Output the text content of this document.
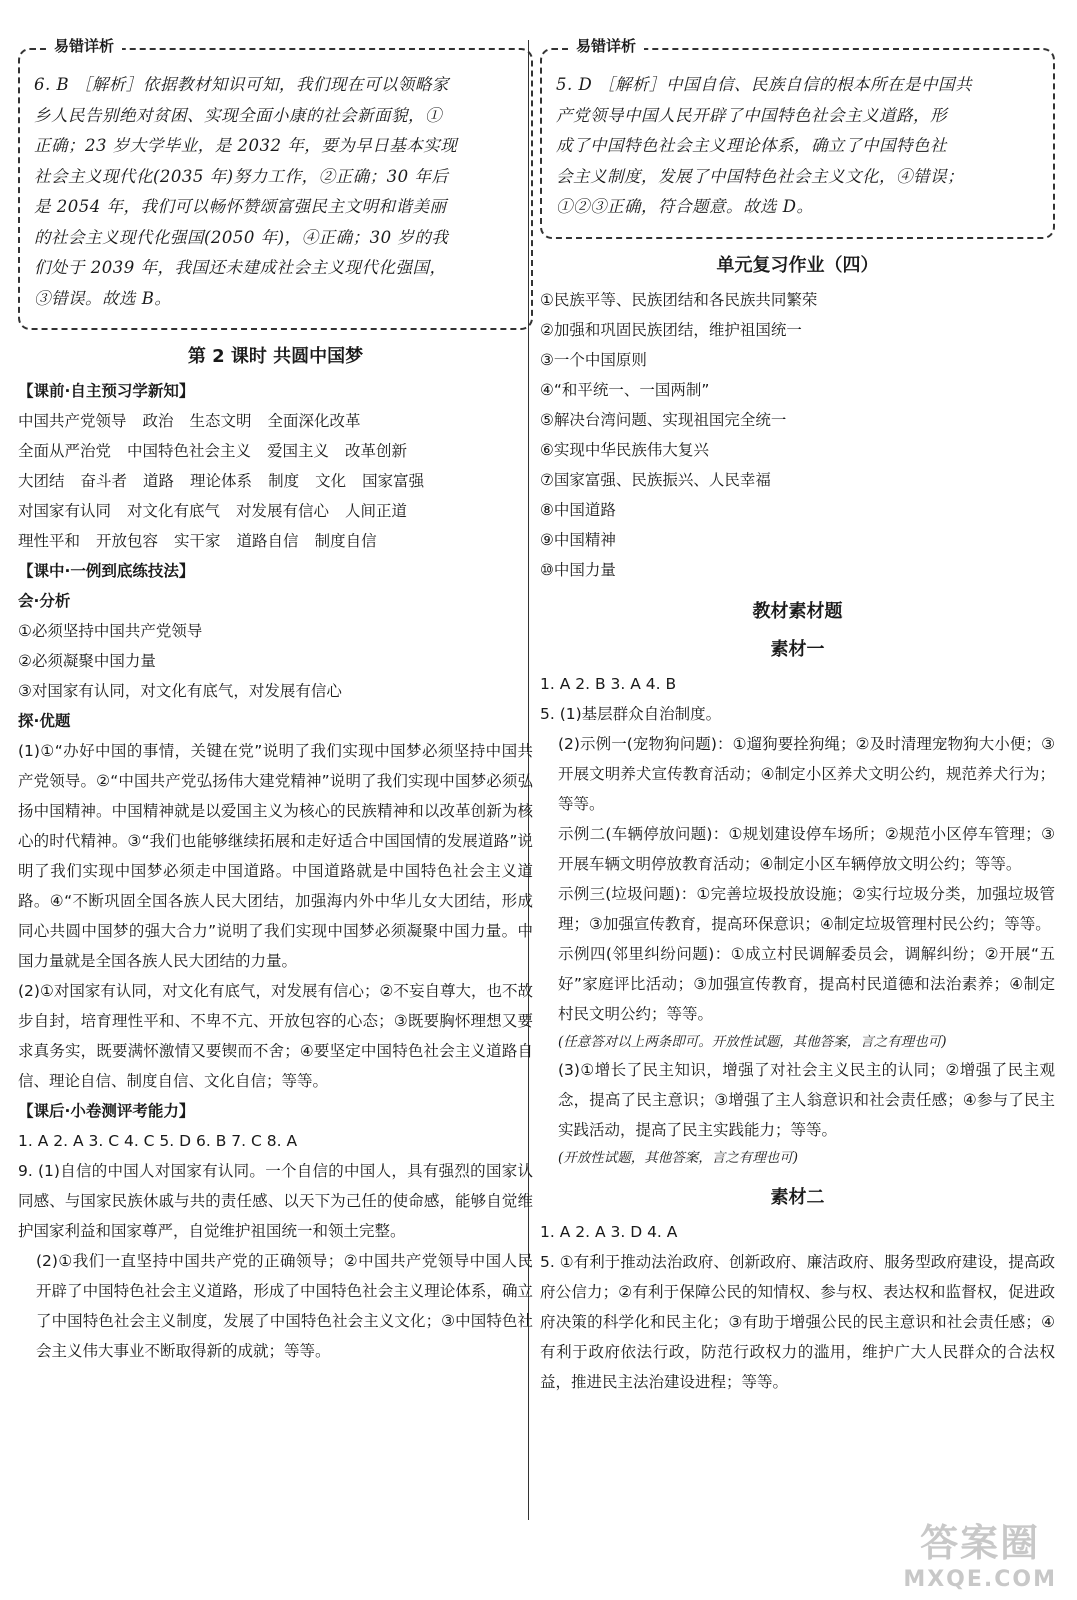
易错详析
6. B ［解析］依据教材知识可知，我们现在可以领略家
乡人民告别绝对贫困、实现全面小康的社会新面貌，①
正确；23 岁大学毕业，是 2032 年，要为早日基本实现
社会主义现代化(2035 年)努力工作，②正确；30 年后
是 2054 年，我们可以畅怀赞颂富强民主文明和谐美丽
的社会主义现代化强国(2050 年)，④正确；30 岁的我
们处于 2039 年，我国还未建成社会主义现代化强国，
③错误。故选 B。
第 2 课时 共圆中国梦
【课前·自主预习学新知】
中国共产党领导 政治 生态文明 全面深化改革
全面从严治党 中国特色社会主义 爱国主义 改革创新
大团结 奋斗者 道路 理论体系 制度 文化 国家富强
对国家有认同 对文化有底气 对发展有信心 人间正道
理性平和 开放包容 实干家 道路自信 制度自信
【课中·一例到底练技法】
会·分析
①必须坚持中国共产党领导
②必须凝聚中国力量
③对国家有认同，对文化有底气，对发展有信心
探·优题
(1)①“办好中国的事情，关键在党”说明了我们实现中国梦必须坚持中国共产党领导。②“中国共产党弘扬伟大建党精神”说明了我们实现中国梦必须弘扬中国精神。中国精神就是以爱国主义为核心的民族精神和以改革创新为核心的时代精神。③“我们也能够继续拓展和走好适合中国国情的发展道路”说明了我们实现中国梦必须走中国道路。中国道路就是中国特色社会主义道路。④“不断巩固全国各族人民大团结，加强海内外中华儿女大团结，形成同心共圆中国梦的强大合力”说明了我们实现中国梦必须凝聚中国力量。中国力量就是全国各族人民大团结的力量。
(2)①对国家有认同，对文化有底气，对发展有信心；②不妄自尊大，也不故步自封，培育理性平和、不卑不亢、开放包容的心态；③既要胸怀理想又要求真务实，既要满怀激情又要锲而不舍；④要坚定中国特色社会主义道路自信、理论自信、制度自信、文化自信；等等。
【课后·小卷测评考能力】
1. A 2. A 3. C 4. C 5. D 6. B 7. C 8. A
9. (1)自信的中国人对国家有认同。一个自信的中国人，具有强烈的国家认同感、与国家民族休戚与共的责任感、以天下为己任的使命感，能够自觉维护国家利益和国家尊严，自觉维护祖国统一和领土完整。
(2)①我们一直坚持中国共产党的正确领导；②中国共产党领导中国人民开辟了中国特色社会主义道路，形成了中国特色社会主义理论体系，确立了中国特色社会主义制度，发展了中国特色社会主义文化；③中国特色社会主义伟大事业不断取得新的成就；等等。
易错详析
5. D ［解析］中国自信、民族自信的根本所在是中国共
产党领导中国人民开辟了中国特色社会主义道路，形
成了中国特色社会主义理论体系，确立了中国特色社
会主义制度，发展了中国特色社会主义文化，④错误；
①②③正确，符合题意。故选 D。
单元复习作业（四）
①民族平等、民族团结和各民族共同繁荣
②加强和巩固民族团结，维护祖国统一
③一个中国原则
④“和平统一、一国两制”
⑤解决台湾问题、实现祖国完全统一
⑥实现中华民族伟大复兴
⑦国家富强、民族振兴、人民幸福
⑧中国道路
⑨中国精神
⑩中国力量
教材素材题
素材一
1. A 2. B 3. A 4. B
5. (1)基层群众自治制度。
(2)示例一(宠物狗问题)：①遛狗要拴狗绳；②及时清理宠物狗大小便；③开展文明养犬宣传教育活动；④制定小区养犬文明公约，规范养犬行为；等等。
示例二(车辆停放问题)：①规划建设停车场所；②规范小区停车管理；③开展车辆文明停放教育活动；④制定小区车辆停放文明公约；等等。
示例三(垃圾问题)：①完善垃圾投放设施；②实行垃圾分类，加强垃圾管理；③加强宣传教育，提高环保意识；④制定垃圾管理村民公约；等等。
示例四(邻里纠纷问题)：①成立村民调解委员会，调解纠纷；②开展“五好”家庭评比活动；③加强宣传教育，提高村民道德和法治素养；④制定村民文明公约；等等。
(任意答对以上两条即可。开放性试题，其他答案，言之有理也可)
(3)①增长了民主知识，增强了对社会主义民主的认同；②增强了民主观念，提高了民主意识；③增强了主人翁意识和社会责任感；④参与了民主实践活动，提高了民主实践能力；等等。
(开放性试题，其他答案，言之有理也可)
素材二
1. A 2. A 3. D 4. A
5. ①有利于推动法治政府、创新政府、廉洁政府、服务型政府建设，提高政府公信力；②有利于保障公民的知情权、参与权、表达权和监督权，促进政府决策的科学化和民主化；③有助于增强公民的民主意识和社会责任感；④有利于政府依法行政，防范行政权力的滥用，维护广大人民群众的合法权益，推进民主法治建设进程；等等。
答案圈
MXQE.COM
